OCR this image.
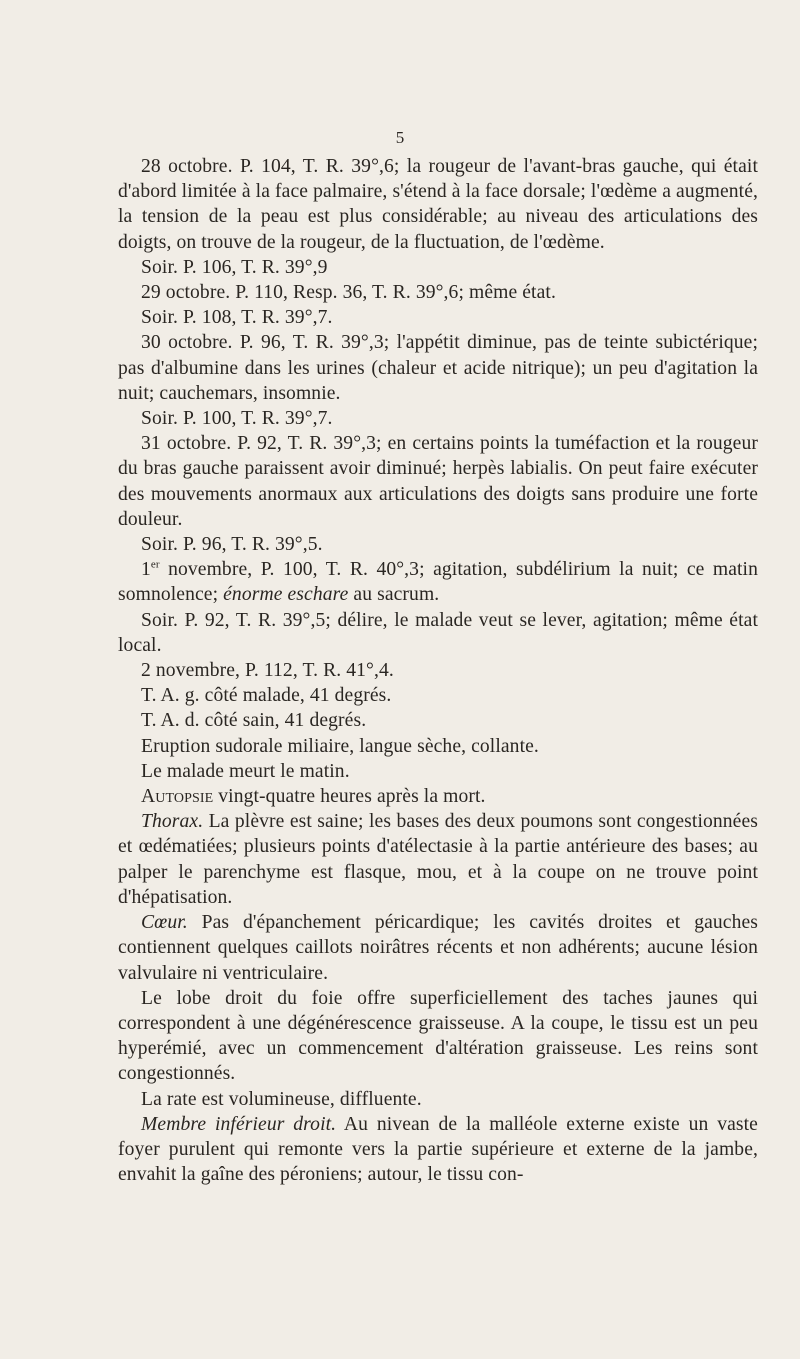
5

28 octobre. P. 104, T. R. 39°,6; la rougeur de l'avant-bras gauche, qui était d'abord limitée à la face palmaire, s'étend à la face dorsale; l'œdème a augmenté, la tension de la peau est plus considérable; au niveau des articulations des doigts, on trouve de la rougeur, de la fluctuation, de l'œdème.

Soir. P. 106, T. R. 39°,9

29 octobre. P. 110, Resp. 36, T. R. 39°,6; même état.

Soir. P. 108, T. R. 39°,7.

30 octobre. P. 96, T. R. 39°,3; l'appétit diminue, pas de teinte subictérique; pas d'albumine dans les urines (chaleur et acide nitrique); un peu d'agitation la nuit; cauchemars, insomnie.

Soir. P. 100, T. R. 39°,7.

31 octobre. P. 92, T. R. 39°,3; en certains points la tuméfaction et la rougeur du bras gauche paraissent avoir diminué; herpès labialis. On peut faire exécuter des mouvements anormaux aux articulations des doigts sans produire une forte douleur.

Soir. P. 96, T. R. 39°,5.

1er novembre, P. 100, T. R. 40°,3; agitation, subdélirium la nuit; ce matin somnolence; énorme eschare au sacrum.

Soir. P. 92, T. R. 39°,5; délire, le malade veut se lever, agitation; même état local.

2 novembre, P. 112, T. R. 41°,4.

T. A. g. côté malade, 41 degrés.

T. A. d. côté sain, 41 degrés.

Eruption sudorale miliaire, langue sèche, collante.

Le malade meurt le matin.

Autopsie vingt-quatre heures après la mort.

Thorax. La plèvre est saine; les bases des deux poumons sont congestionnées et œdématiées; plusieurs points d'atélectasie à la partie antérieure des bases; au palper le parenchyme est flasque, mou, et à la coupe on ne trouve point d'hépatisation.

Cœur. Pas d'épanchement péricardique; les cavités droites et gauches contiennent quelques caillots noirâtres récents et non adhérents; aucune lésion valvulaire ni ventriculaire.

Le lobe droit du foie offre superficiellement des taches jaunes qui correspondent à une dégénérescence graisseuse. A la coupe, le tissu est un peu hyperémié, avec un commencement d'altération graisseuse. Les reins sont congestionnés.

La rate est volumineuse, diffluente.

Membre inférieur droit. Au nivean de la malléole externe existe un vaste foyer purulent qui remonte vers la partie supérieure et externe de la jambe, envahit la gaîne des péroniens; autour, le tissu con-
